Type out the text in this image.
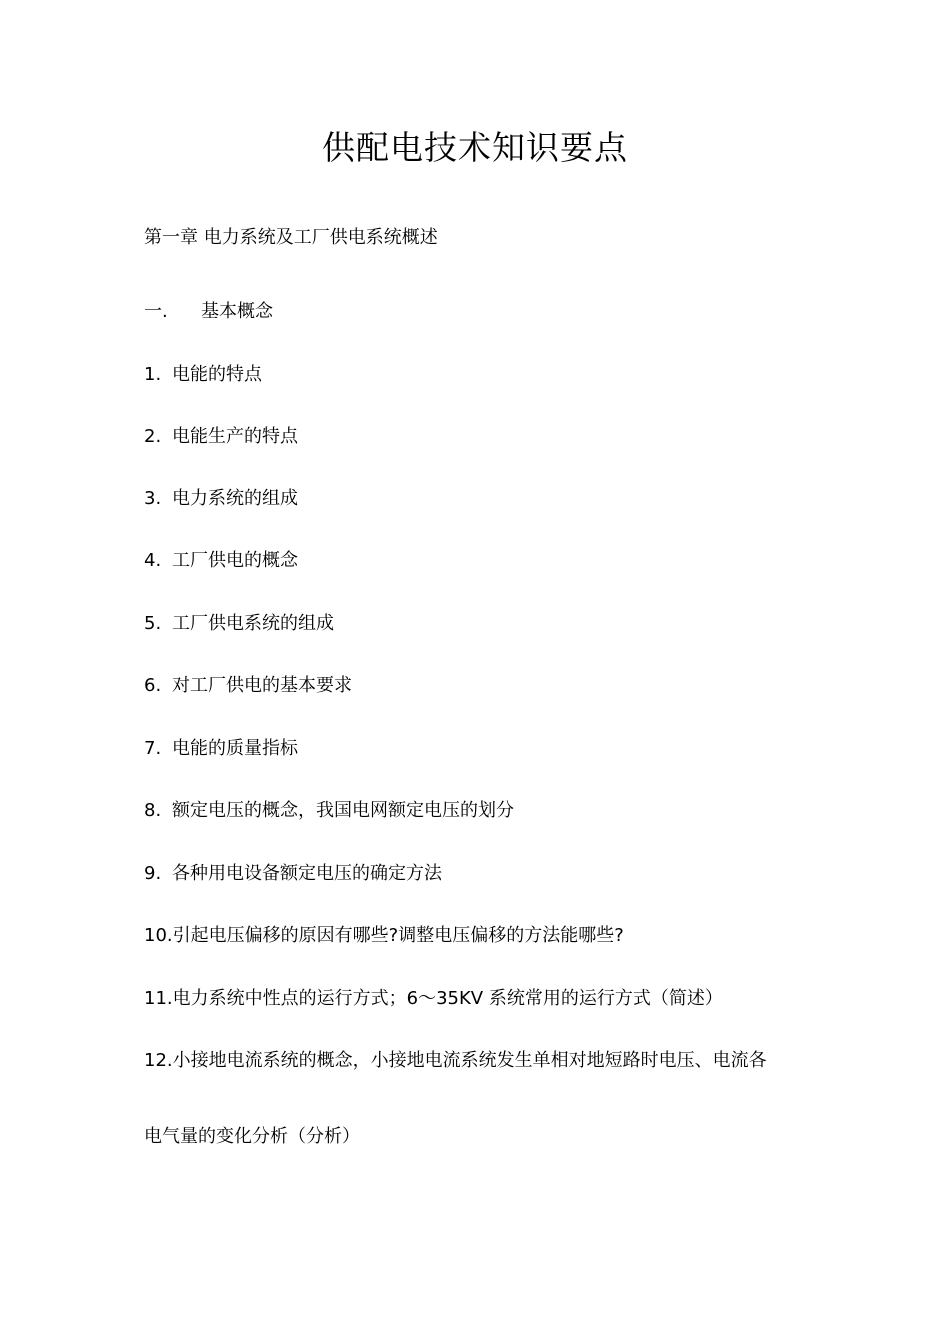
供配电技术知识要点
第一章 电力系统及工厂供电系统概述
一. 基本概念
1. 电能的特点
2. 电能生产的特点
3. 电力系统的组成
4. 工厂供电的概念
5. 工厂供电系统的组成
6. 对工厂供电的基本要求
7. 电能的质量指标
8. 额定电压的概念，我国电网额定电压的划分
9. 各种用电设备额定电压的确定方法
10.引起电压偏移的原因有哪些?调整电压偏移的方法能哪些?
11.电力系统中性点的运行方式；6～35KV 系统常用的运行方式（简述）
12.小接地电流系统的概念，小接地电流系统发生单相对地短路时电压、电流各
电气量的变化分析（分析）
